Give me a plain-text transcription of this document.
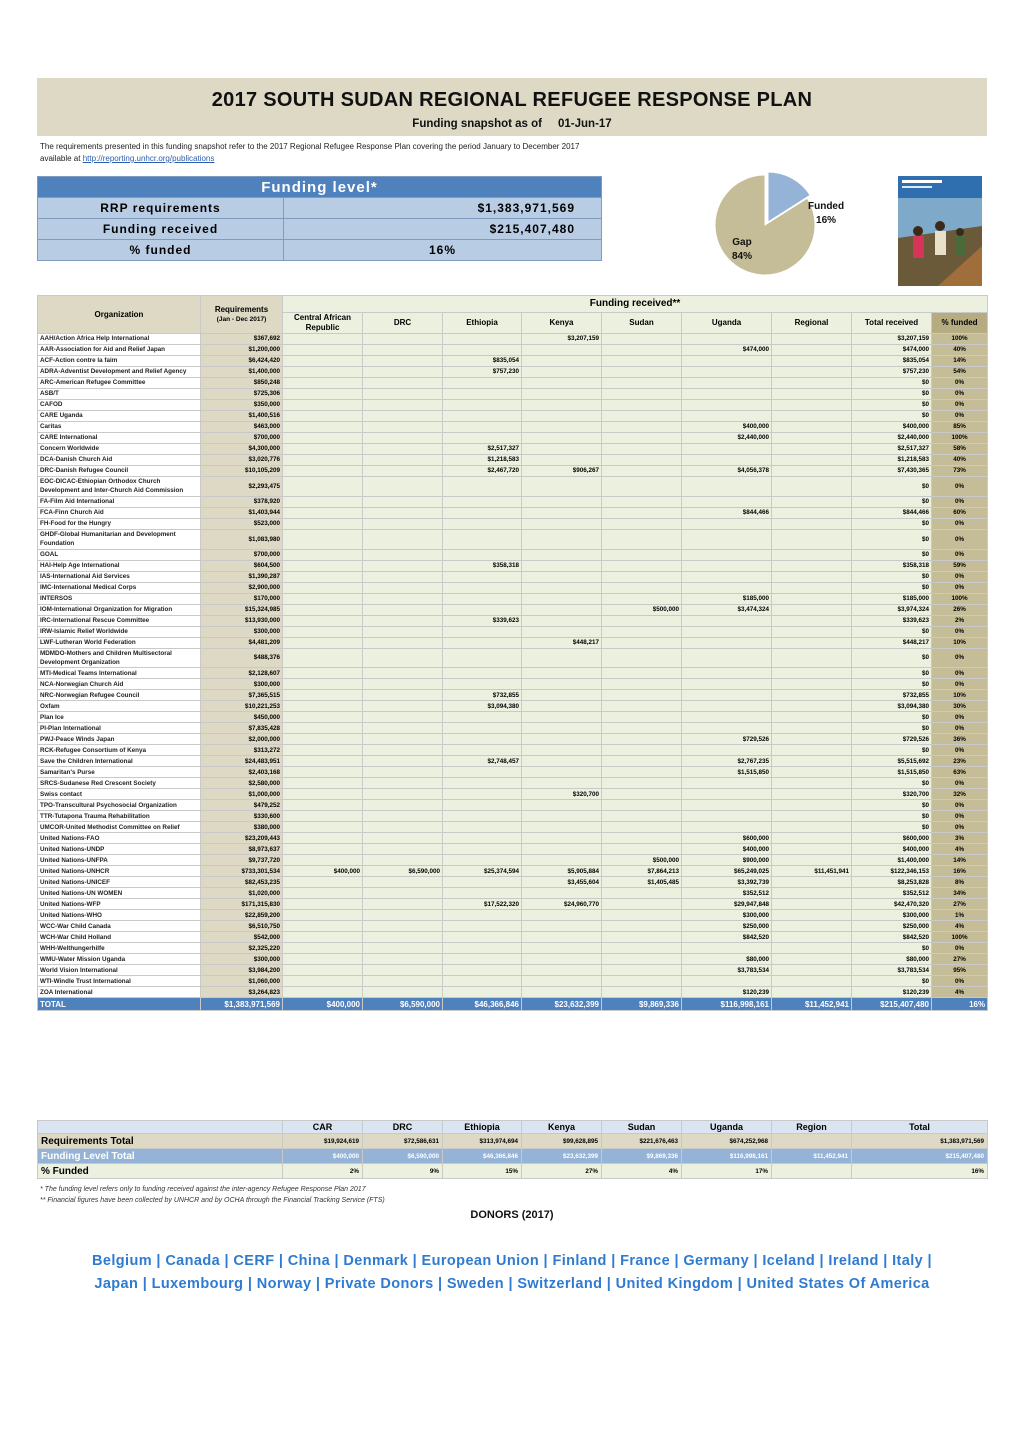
2017 SOUTH SUDAN REGIONAL REFUGEE RESPONSE PLAN
Funding snapshot as of 01-Jun-17
The requirements presented in this funding snapshot refer to the 2017 Regional Refugee Response Plan covering the period January to December 2017
available at http://reporting.unhcr.org/publications
Funding level*	
RRP requirements	$1,383,971,569
Funding received	$215,407,480
% funded	16%
Funded
16%
Gap
84%
Organization	Requirements
(Jan - Dec 2017)	Funding received**								
		Central African Republic	DRC	Ethiopia	Kenya	Sudan	Uganda	Regional	Total received	% funded
AAH/Action Africa Help International	$367,692				$3,207,159				$3,207,159	100%
AAR-Association for Aid and Relief Japan	$1,200,000						$474,000		$474,000	40%
ACF-Action contre la faim	$6,424,420			$835,054					$835,054	14%
ADRA-Adventist Development and Relief Agency	$1,400,000			$757,230					$757,230	54%
ARC-American Refugee Committee	$850,248								$0	0%
ASB/T	$725,306								$0	0%
CAFOD	$350,000								$0	0%
CARE Uganda	$1,400,516								$0	0%
Caritas	$463,000						$400,000		$400,000	85%
CARE International	$700,000						$2,440,000		$2,440,000	100%
Concern Worldwide	$4,300,000			$2,517,327					$2,517,327	58%
DCA-Danish Church Aid	$3,020,776			$1,218,583					$1,218,583	40%
DRC-Danish Refugee Council	$10,105,209			$2,467,720	$906,267		$4,056,378		$7,430,365	73%
EOC-DICAC-Ethiopian Orthodox Church Development and Inter-Church Aid Commission	$2,293,475								$0	0%
FA-Film Aid International	$378,920								$0	0%
FCA-Finn Church Aid	$1,403,944						$844,466		$844,466	60%
FH-Food for the Hungry	$523,000								$0	0%
GHDF-Global Humanitarian and Development Foundation	$1,083,980								$0	0%
GOAL	$700,000								$0	0%
HAI-Help Age International	$604,500			$358,318					$358,318	59%
IAS-International Aid Services	$1,390,287								$0	0%
IMC-International Medical Corps	$2,900,000								$0	0%
INTERSOS	$170,000						$185,000		$185,000	100%
IOM-International Organization for Migration	$15,324,985					$500,000	$3,474,324		$3,974,324	26%
IRC-International Rescue Committee	$13,930,000			$339,623					$339,623	2%
IRW-Islamic Relief Worldwide	$300,000								$0	0%
LWF-Lutheran World Federation	$4,481,209				$448,217				$448,217	10%
MDMDO-Mothers and Children Multisectoral Development Organization	$488,376								$0	0%
MTI-Medical Teams International	$2,128,607								$0	0%
NCA-Norwegian Church Aid	$300,000								$0	0%
NRC-Norwegian Refugee Council	$7,365,515			$732,855					$732,855	10%
Oxfam	$10,221,253			$3,094,380					$3,094,380	30%
Plan Ice	$450,000								$0	0%
PI-Plan International	$7,835,428								$0	0%
PWJ-Peace Winds Japan	$2,000,000						$729,526		$729,526	36%
RCK-Refugee Consortium of Kenya	$313,272								$0	0%
Save the Children International	$24,483,951			$2,748,457			$2,767,235		$5,515,692	23%
Samaritan's Purse	$2,403,168						$1,515,850		$1,515,850	63%
SRCS-Sudanese Red Crescent Society	$2,580,000								$0	0%
Swiss contact	$1,000,000				$320,700				$320,700	32%
TPO-Transcultural Psychosocial Organization	$479,252								$0	0%
TTR-Tutapona Trauma Rehabilitation	$330,600								$0	0%
UMCOR-United Methodist Committee on Relief	$380,000								$0	0%
United Nations-FAO	$23,209,443						$600,000		$600,000	3%
United Nations-UNDP	$8,973,637						$400,000		$400,000	4%
United Nations-UNFPA	$9,737,720					$500,000	$900,000		$1,400,000	14%
United Nations-UNHCR	$733,301,534	$400,000	$6,590,000	$25,374,594	$5,905,884	$7,864,213	$65,249,025	$11,451,941	$122,346,153	16%
United Nations-UNICEF	$82,453,235				$3,455,604	$1,405,485	$3,392,739		$8,253,828	8%
United Nations-UN WOMEN	$1,020,000						$352,512		$352,512	34%
United Nations-WFP	$171,315,830			$17,522,320	$24,960,770		$29,947,848		$42,470,320	27%
United Nations-WHO	$22,859,200						$300,000		$300,000	1%
WCC-War Child Canada	$6,510,750						$250,000		$250,000	4%
WCH-War Child Holland	$542,000						$842,520		$842,520	100%
WHH-Welthungerhilfe	$2,325,220								$0	0%
WMU-Water Mission Uganda	$300,000						$80,000		$80,000	27%
World Vision International	$3,984,200						$3,783,534		$3,783,534	95%
WTI-Windle Trust International	$1,060,000								$0	0%
ZOA International	$3,264,823						$120,239		$120,239	4%
TOTAL	$1,383,971,569	$400,000	$6,590,000	$46,366,846	$23,632,399	$9,869,336	$116,998,161	$11,452,941	$215,407,480	16%
	CAR	DRC	Ethiopia	Kenya	Sudan	Uganda	Region		Total
Requirements Total	$19,924,619	$72,586,631	$313,974,694	$99,628,895	$221,676,463	$674,252,968			$1,383,971,569
Funding Level Total	$400,000	$6,590,000	$46,366,846	$23,632,399	$9,869,336	$116,998,161	$11,452,941		$215,407,480
% Funded	2%	9%	15%	27%	4%	17%			16%
* The funding level refers only to funding received against the inter-agency Refugee Response Plan 2017
** Financial figures have been collected by UNHCR and by OCHA through the Financial Tracking Service (FTS)
DONORS (2017)
Belgium | Canada | CERF | China | Denmark | European Union | Finland | France | Germany | Iceland | Ireland | Italy |
Japan | Luxembourg | Norway | Private Donors | Sweden | Switzerland | United Kingdom | United States Of America
